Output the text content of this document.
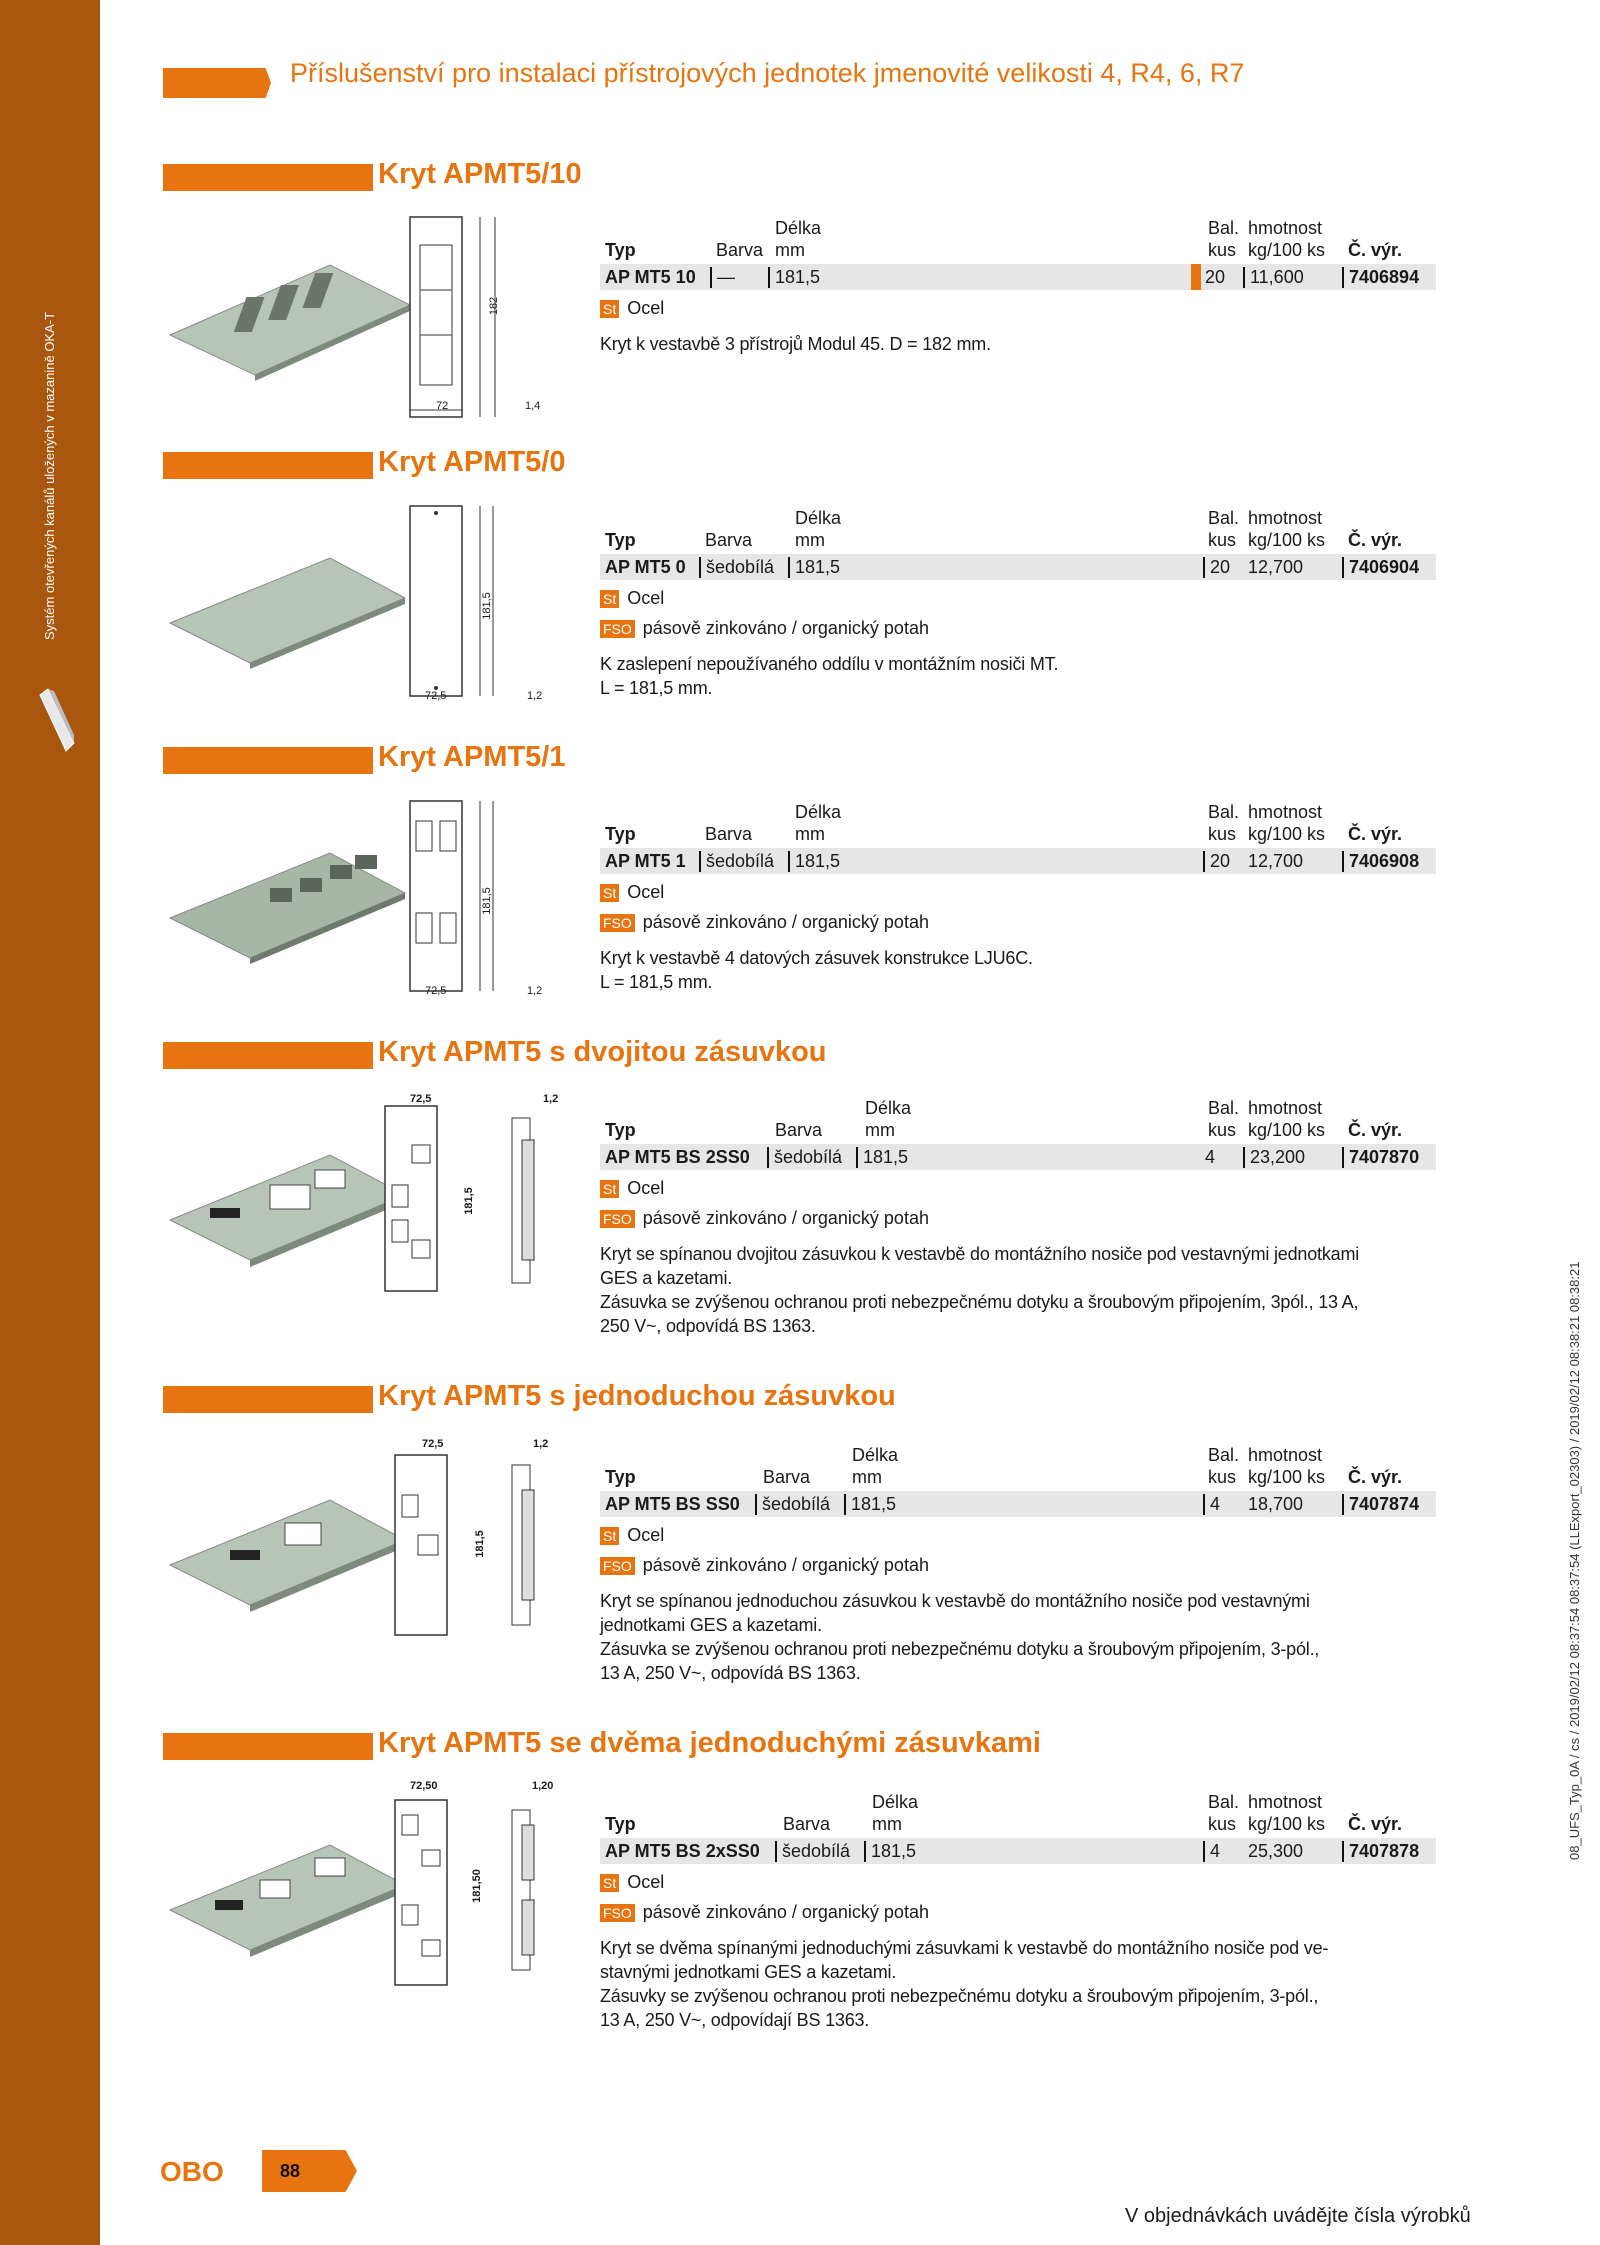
Systém otevřených kanálů uložených v mazanině OKA-T
Příslušenství pro instalaci přístrojových jednotek jmenovité velikosti 4, R4, 6, R7
Kryt APMT5/10
72
182
1,4
Délka	Bal. hmotnost
Typ	Barva mm	kus kg/100 ks Č. výr.
AP MT5 10	—	181,5	20	11,600	7406894
St Ocel
Kryt k vestavbě 3 přístrojů Modul 45. D = 182 mm.
Kryt APMT5/0
72,5
181,5
1,2
Délka	Bal. hmotnost
Typ	Barva mm	kus kg/100 ks Č. výr.
AP MT5 0	šedobílá	181,5	20 12,700	7406904
St Ocel
FSO pásově zinkováno / organický potah
K zaslepení nepoužívaného oddílu v montážním nosiči MT.
L = 181,5 mm.
Kryt APMT5/1
72,5
181,5
1,2
Délka	Bal. hmotnost
Typ	Barva mm	kus kg/100 ks Č. výr.
AP MT5 1	šedobílá	181,5	20 12,700	7406908
St Ocel
FSO pásově zinkováno / organický potah
Kryt k vestavbě 4 datových zásuvek konstrukce LJU6C.
L = 181,5 mm.
Kryt APMT5 s dvojitou zásuvkou
72,5
181,5
1,2	Délka	Bal. hmotnost
Typ	Barva mm	kus kg/100 ks Č. výr.
AP MT5 BS 2SS0	šedobílá	181,5	4	23,200	7407870
St Ocel
FSO pásově zinkováno / organický potah
Kryt se spínanou dvojitou zásuvkou k vestavbě do montážního nosiče pod vestavnými jednotkami
GES a kazetami.
Zásuvka se zvýšenou ochranou proti nebezpečnému dotyku a šroubovým připojením, 3pól., 13 A,
250 V~, odpovídá BS 1363.
Kryt APMT5 s jednoduchou zásuvkou
72,5
181,5
1,2
Délka	Bal. hmotnost
Typ	Barva mm	kus kg/100 ks Č. výr.
AP MT5 BS SS0	šedobílá	181,5	4 18,700	7407874
St Ocel
FSO pásově zinkováno / organický potah
Kryt se spínanou jednoduchou zásuvkou k vestavbě do montážního nosiče pod vestavnými
jednotkami GES a kazetami.
Zásuvka se zvýšenou ochranou proti nebezpečnému dotyku a šroubovým připojením, 3-pól.,
13 A, 250 V~, odpovídá BS 1363.
Kryt APMT5 se dvěma jednoduchými zásuvkami
72,50
181,50
1,20
Délka	Bal. hmotnost
Typ	Barva mm	kus kg/100 ks Č. výr.
AP MT5 BS 2xSS0	šedobílá	181,5	4 25,300	7407878
St Ocel
FSO pásově zinkováno / organický potah
Kryt se dvěma spínanými jednoduchými zásuvkami k vestavbě do montážního nosiče pod ve-
stavnými jednotkami GES a kazetami.
Zásuvky se zvýšenou ochranou proti nebezpečnému dotyku a šroubovým připojením, 3-pól.,
13 A, 250 V~, odpovídají BS 1363.
OBO	88
V objednávkách uvádějte čísla výrobků
08_UFS_Typ_0A / cs / 2019/02/12 08:37:54 08:37:54 (LLExport_02303) / 2019/02/12 08:38:21 08:38:21
